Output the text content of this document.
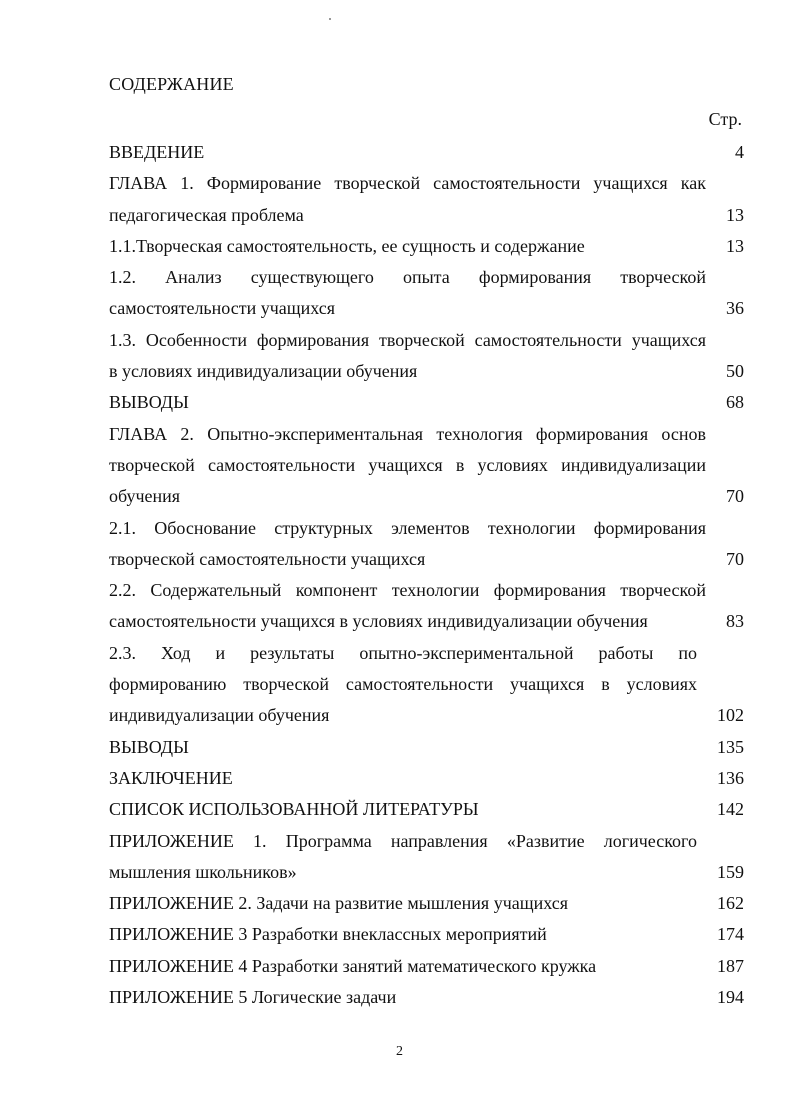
СОДЕРЖАНИЕ
Стр.
ВВЕДЕНИЕ	4
ГЛАВА 1. Формирование творческой самостоятельности учащихся как
педагогическая проблема	13
1.1.Творческая самостоятельность, ее сущность и содержание	13
1.2. Анализ существующего опыта формирования творческой
самостоятельности учащихся	36
1.3. Особенности формирования творческой самостоятельности учащихся
в условиях индивидуализации обучения	50
ВЫВОДЫ	68
ГЛАВА 2. Опытно-экспериментальная технология формирования основ
творческой самостоятельности учащихся в условиях индивидуализации
обучения	70
2.1. Обоснование структурных элементов технологии формирования
творческой самостоятельности учащихся	70
2.2. Содержательный компонент технологии формирования творческой
самостоятельности учащихся в условиях индивидуализации обучения	83
2.3. Ход и результаты опытно-экспериментальной работы по
формированию творческой самостоятельности учащихся в условиях
индивидуализации обучения	102
ВЫВОДЫ	135
ЗАКЛЮЧЕНИЕ	136
СПИСОК ИСПОЛЬЗОВАННОЙ ЛИТЕРАТУРЫ	142
ПРИЛОЖЕНИЕ 1. Программа направления «Развитие логического
мышления школьников»	159
ПРИЛОЖЕНИЕ 2. Задачи на развитие мышления учащихся	162
ПРИЛОЖЕНИЕ 3 Разработки внеклассных мероприятий	174
ПРИЛОЖЕНИЕ 4 Разработки занятий математического кружка	187
ПРИЛОЖЕНИЕ 5 Логические задачи	194
2
